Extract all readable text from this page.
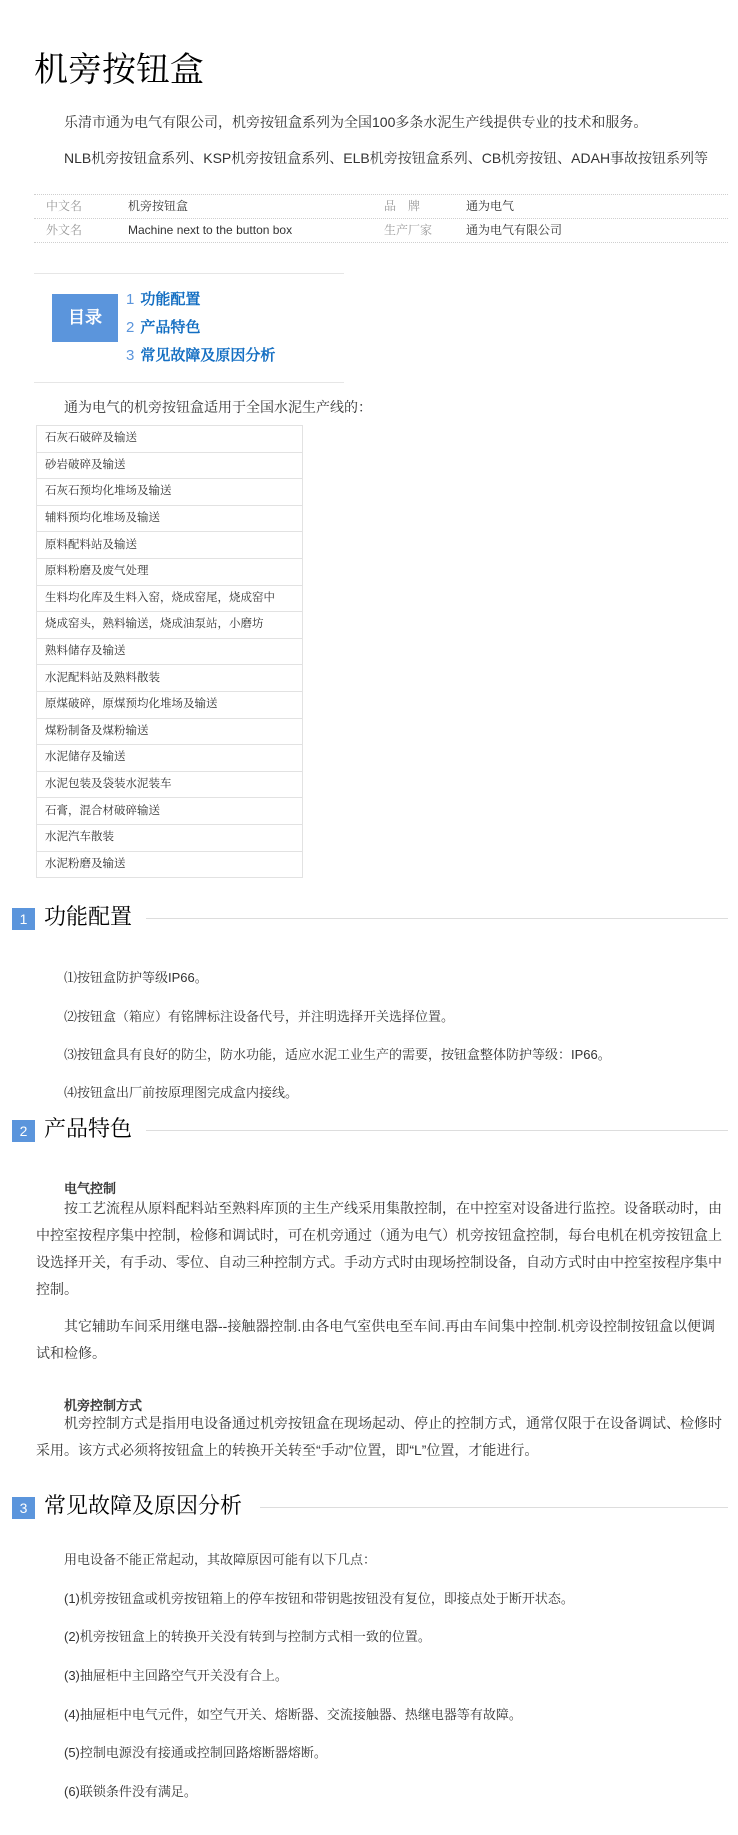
机旁按钮盒

乐清市通为电气有限公司，机旁按钮盒系列为全国100多条水泥生产线提供专业的技术和服务。

NLB机旁按钮盒系列、KSP机旁按钮盒系列、ELB机旁按钮盒系列、CB机旁按钮、ADAH事故按钮系列等

中文名	机旁按钮盒	品　牌	通为电气
外文名	Machine next to the button box	生产厂家	通为电气有限公司
目录
1 功能配置
2 产品特色
3 常见故障及原因分析

通为电气的机旁按钮盒适用于全国水泥生产线的：

石灰石破碎及输送
砂岩破碎及输送
石灰石预均化堆场及输送
辅料预均化堆场及输送
原料配料站及输送
原料粉磨及废气处理
生料均化库及生料入窑，烧成窑尾，烧成窑中
烧成窑头，熟料输送，烧成油泵站，小磨坊
熟料储存及输送
水泥配料站及熟料散装
原煤破碎，原煤预均化堆场及输送
煤粉制备及煤粉输送
水泥储存及输送
水泥包装及袋装水泥装车
石膏，混合材破碎输送
水泥汽车散装
水泥粉磨及输送
1 功能配置

⑴按钮盒防护等级IP66。

⑵按钮盒（箱应）有铭牌标注设备代号，并注明选择开关选择位置。

⑶按钮盒具有良好的防尘，防水功能，适应水泥工业生产的需要，按钮盒整体防护等级：IP66。

⑷按钮盒出厂前按原理图完成盒内接线。

2 产品特色

电气控制

按工艺流程从原料配料站至熟料库顶的主生产线采用集散控制，在中控室对设备进行监控。设备联动时，由中控室按程序集中控制，检修和调试时，可在机旁通过（通为电气）机旁按钮盒控制，每台电机在机旁按钮盒上设选择开关，有手动、零位、自动三种控制方式。手动方式时由现场控制设备，自动方式时由中控室按程序集中控制。

其它辅助车间采用继电器--接触器控制.由各电气室供电至车间.再由车间集中控制.机旁设控制按钮盒以便调试和检修。

机旁控制方式

机旁控制方式是指用电设备通过机旁按钮盒在现场起动、停止的控制方式，通常仅限于在设备调试、检修时采用。该方式必须将按钮盒上的转换开关转至“手动”位置，即“L”位置，才能进行。

3 常见故障及原因分析

用电设备不能正常起动，其故障原因可能有以下几点：

(1)机旁按钮盒或机旁按钮箱上的停车按钮和带钥匙按钮没有复位，即接点处于断开状态。

(2)机旁按钮盒上的转换开关没有转到与控制方式相一致的位置。

(3)抽屉柜中主回路空气开关没有合上。

(4)抽屉柜中电气元件，如空气开关、熔断器、交流接触器、热继电器等有故障。

(5)控制电源没有接通或控制回路熔断器熔断。

(6)联锁条件没有满足。
